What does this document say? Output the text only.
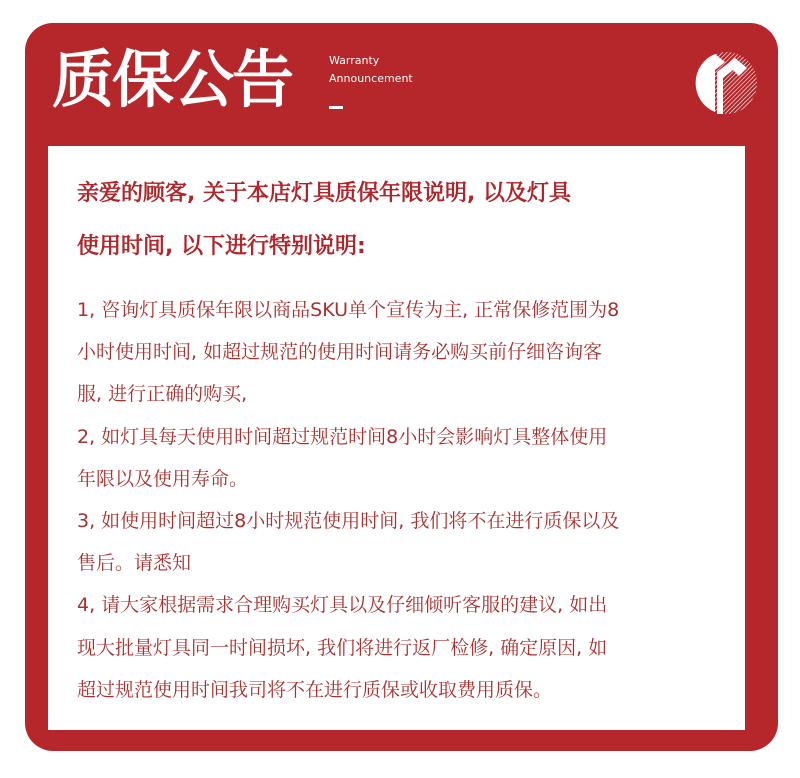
质保公告	Warranty
Announcement
亲爱的顾客, 关于本店灯具质保年限说明, 以及灯具
使用时间, 以下进行特别说明:
1, 咨询灯具质保年限以商品SKU单个宣传为主, 正常保修范围为8
小时使用时间, 如超过规范的使用时间请务必购买前仔细咨询客
服, 进行正确的购买,
2, 如灯具每天使用时间超过规范时间8小时会影响灯具整体使用
年限以及使用寿命。
3, 如使用时间超过8小时规范使用时间, 我们将不在进行质保以及
售后。请悉知
4, 请大家根据需求合理购买灯具以及仔细倾听客服的建议, 如出
现大批量灯具同一时间损坏, 我们将进行返厂检修, 确定原因, 如
超过规范使用时间我司将不在进行质保或收取费用质保。
